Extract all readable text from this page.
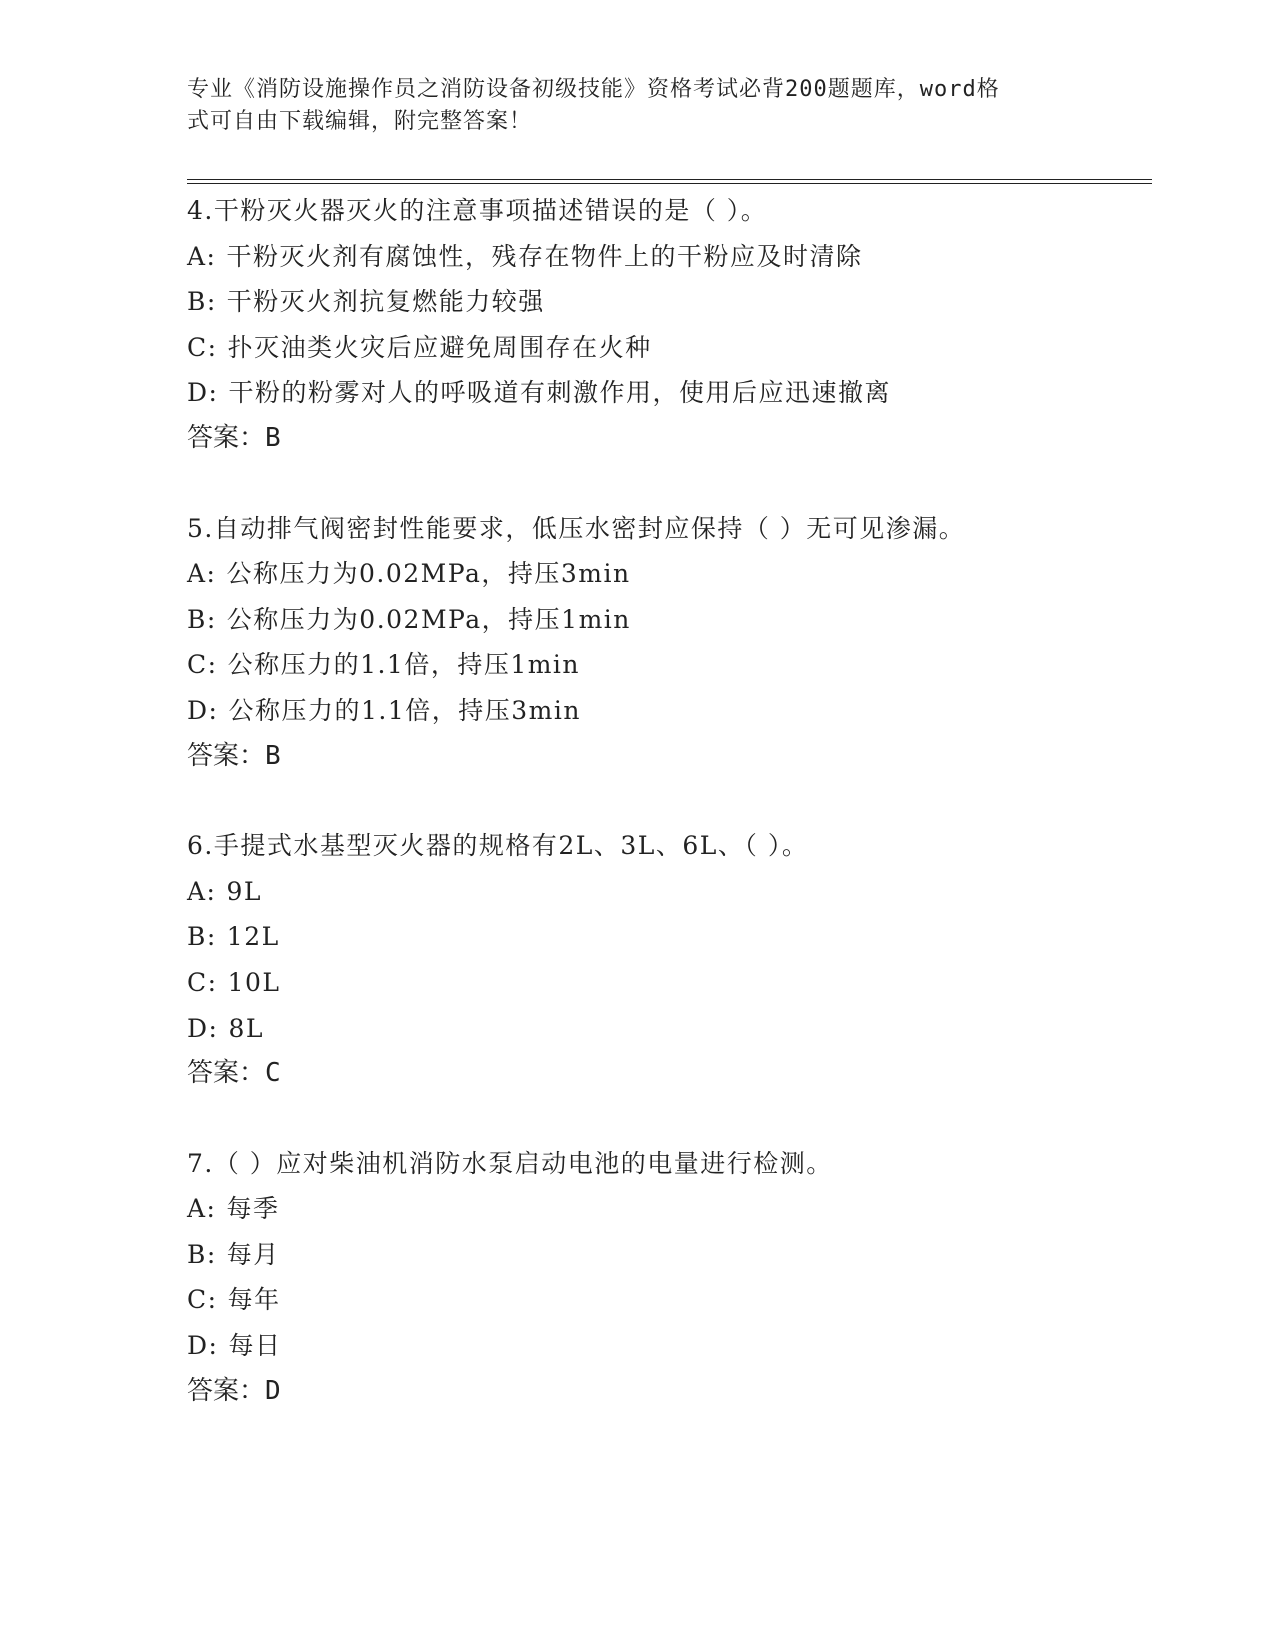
专业《消防设施操作员之消防设备初级技能》资格考试必背200题题库，word格
式可自由下载编辑，附完整答案！
4.干粉灭火器灭火的注意事项描述错误的是（ ）。
A: 干粉灭火剂有腐蚀性，残存在物件上的干粉应及时清除
B: 干粉灭火剂抗复燃能力较强
C: 扑灭油类火灾后应避免周围存在火种
D: 干粉的粉雾对人的呼吸道有刺激作用，使用后应迅速撤离
答案：B
5.自动排气阀密封性能要求，低压水密封应保持（ ）无可见渗漏。
A: 公称压力为0.02MPa，持压3min
B: 公称压力为0.02MPa，持压1min
C: 公称压力的1.1倍，持压1min
D: 公称压力的1.1倍，持压3min
答案：B
6.手提式水基型灭火器的规格有2L、3L、6L、（ ）。
A: 9L
B: 12L
C: 10L
D: 8L
答案：C
7.（ ）应对柴油机消防水泵启动电池的电量进行检测。
A: 每季
B: 每月
C: 每年
D: 每日
答案：D
